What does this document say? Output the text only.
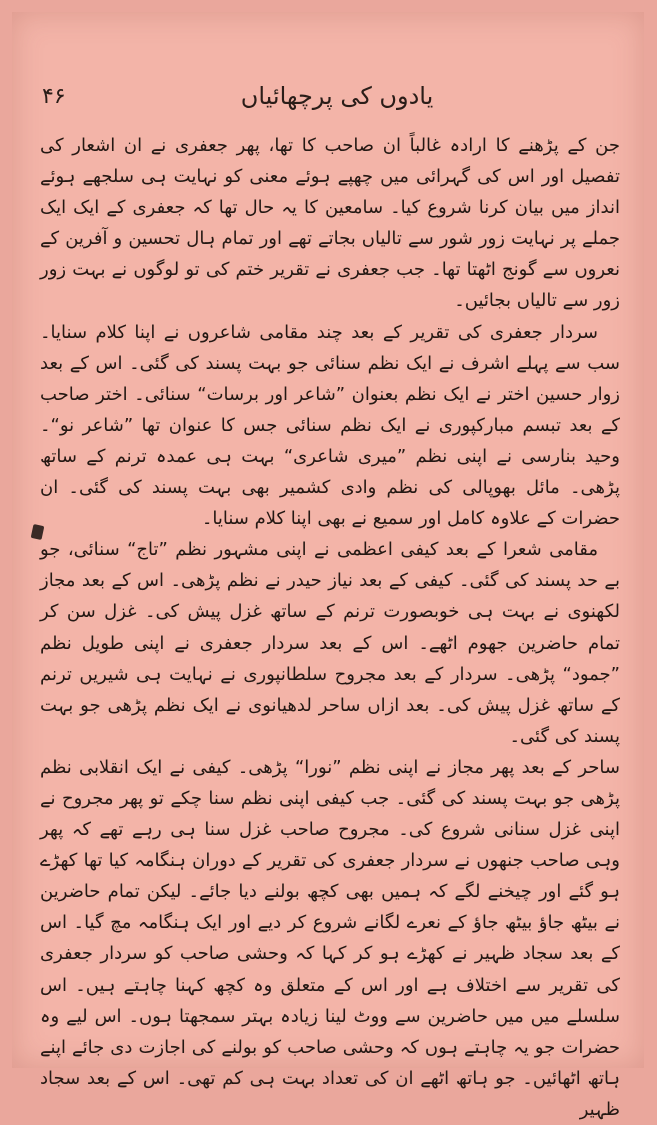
۴۶	یادوں کی پرچھائیاں

جن کے پڑھنے کا ارادہ غالباً ان صاحب کا تھا، پھر جعفری نے ان اشعار کی تفصیل اور اس کی گہرائی میں چھپے ہوئے معنی کو نہایت ہی سلجھے ہوئے انداز میں بیان کرنا شروع کیا۔ سامعین کا یہ حال تھا کہ جعفری کے ایک ایک جملے پر نہایت زور شور سے تالیاں بجاتے تھے اور تمام ہال تحسین و آفرین کے نعروں سے گونج اٹھتا تھا۔ جب جعفری نے تقریر ختم کی تو لوگوں نے بہت زور زور سے تالیاں بجائیں۔

سردار جعفری کی تقریر کے بعد چند مقامی شاعروں نے اپنا کلام سنایا۔ سب سے پہلے اشرف نے ایک نظم سنائی جو بہت پسند کی گئی۔ اس کے بعد زوار حسین اختر نے ایک نظم بعنوان ”شاعر اور برسات“ سنائی۔ اختر صاحب کے بعد تبسم مبارکپوری نے ایک نظم سنائی جس کا عنوان تھا ”شاعر نو“۔ وحید بنارسی نے اپنی نظم ”میری شاعری“ بہت ہی عمدہ ترنم کے ساتھ پڑھی۔ مائل بھوپالی کی نظم وادی کشمیر بھی بہت پسند کی گئی۔ ان حضرات کے علاوہ کامل اور سمیع نے بھی اپنا کلام سنایا۔

مقامی شعرا کے بعد کیفی اعظمی نے اپنی مشہور نظم ”تاج“ سنائی، جو بے حد پسند کی گئی۔ کیفی کے بعد نیاز حیدر نے نظم پڑھی۔ اس کے بعد مجاز لکھنوی نے بہت ہی خوبصورت ترنم کے ساتھ غزل پیش کی۔ غزل سن کر تمام حاضرین جھوم اٹھے۔ اس کے بعد سردار جعفری نے اپنی طویل نظم ”جمود“ پڑھی۔ سردار کے بعد مجروح سلطانپوری نے نہایت ہی شیریں ترنم کے ساتھ غزل پیش کی۔ بعد ازاں ساحر لدھیانوی نے ایک نظم پڑھی جو بہت پسند کی گئی۔

ساحر کے بعد پھر مجاز نے اپنی نظم ”نورا“ پڑھی۔ کیفی نے ایک انقلابی نظم پڑھی جو بہت پسند کی گئی۔ جب کیفی اپنی نظم سنا چکے تو پھر مجروح نے اپنی غزل سنانی شروع کی۔ مجروح صاحب غزل سنا ہی رہے تھے کہ پھر وہی صاحب جنھوں نے سردار جعفری کی تقریر کے دوران ہنگامہ کیا تھا کھڑے ہو گئے اور چیخنے لگے کہ ہمیں بھی کچھ بولنے دیا جائے۔ لیکن تمام حاضرین نے بیٹھ جاؤ بیٹھ جاؤ کے نعرے لگانے شروع کر دیے اور ایک ہنگامہ مچ گیا۔ اس کے بعد سجاد ظہیر نے کھڑے ہو کر کہا کہ وحشی صاحب کو سردار جعفری کی تقریر سے اختلاف ہے اور اس کے متعلق وہ کچھ کہنا چاہتے ہیں۔ اس سلسلے میں میں حاضرین سے ووٹ لینا زیادہ بہتر سمجھتا ہوں۔ اس لیے وہ حضرات جو یہ چاہتے ہوں کہ وحشی صاحب کو بولنے کی اجازت دی جائے اپنے ہاتھ اٹھائیں۔ جو ہاتھ اٹھے ان کی تعداد بہت ہی کم تھی۔ اس کے بعد سجاد ظہیر
